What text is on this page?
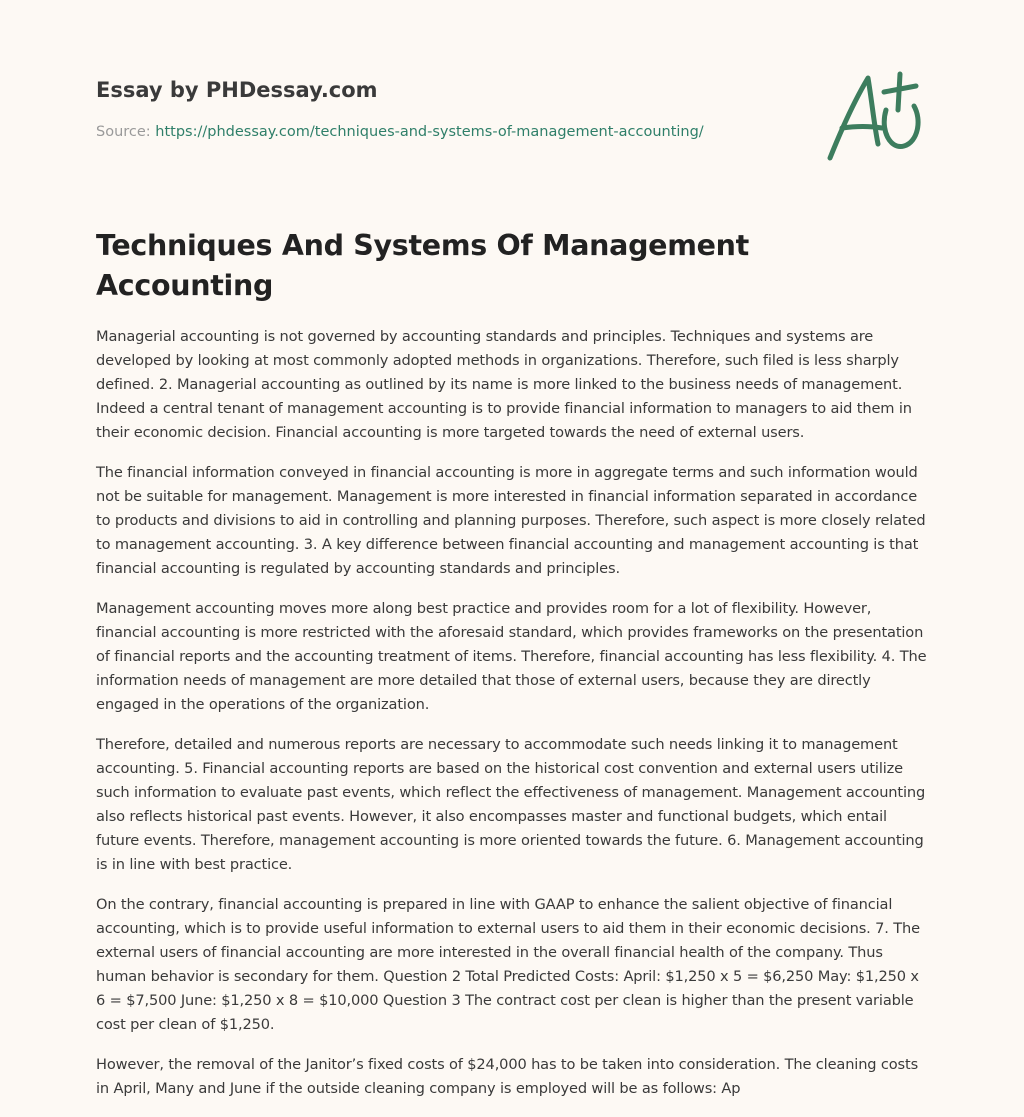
Essay by PHDessay.com
Source: https://phdessay.com/techniques-and-systems-of-management-accounting/
Techniques And Systems Of Management Accounting

Managerial accounting is not governed by accounting standards and principles. Techniques and systems are developed by looking at most commonly adopted methods in organizations. Therefore, such filed is less sharply defined. 2. Managerial accounting as outlined by its name is more linked to the business needs of management. Indeed a central tenant of management accounting is to provide financial information to managers to aid them in their economic decision. Financial accounting is more targeted towards the need of external users.

The financial information conveyed in financial accounting is more in aggregate terms and such information would not be suitable for management. Management is more interested in financial information separated in accordance to products and divisions to aid in controlling and planning purposes. Therefore, such aspect is more closely related to management accounting. 3. A key difference between financial accounting and management accounting is that financial accounting is regulated by accounting standards and principles.

Management accounting moves more along best practice and provides room for a lot of flexibility. However, financial accounting is more restricted with the aforesaid standard, which provides frameworks on the presentation of financial reports and the accounting treatment of items. Therefore, financial accounting has less flexibility. 4. The information needs of management are more detailed that those of external users, because they are directly engaged in the operations of the organization.

Therefore, detailed and numerous reports are necessary to accommodate such needs linking it to management accounting. 5. Financial accounting reports are based on the historical cost convention and external users utilize such information to evaluate past events, which reflect the effectiveness of management. Management accounting also reflects historical past events. However, it also encompasses master and functional budgets, which entail future events. Therefore, management accounting is more oriented towards the future. 6. Management accounting is in line with best practice.

On the contrary, financial accounting is prepared in line with GAAP to enhance the salient objective of financial accounting, which is to provide useful information to external users to aid them in their economic decisions. 7. The external users of financial accounting are more interested in the overall financial health of the company. Thus human behavior is secondary for them. Question 2 Total Predicted Costs: April: $1,250 x 5 = $6,250 May: $1,250 x 6 = $7,500 June: $1,250 x 8 = $10,000 Question 3 The contract cost per clean is higher than the present variable cost per clean of $1,250.

However, the removal of the Janitor’s fixed costs of $24,000 has to be taken into consideration. The cleaning costs in April, Many and June if the outside cleaning company is employed will be as follows: Ap
